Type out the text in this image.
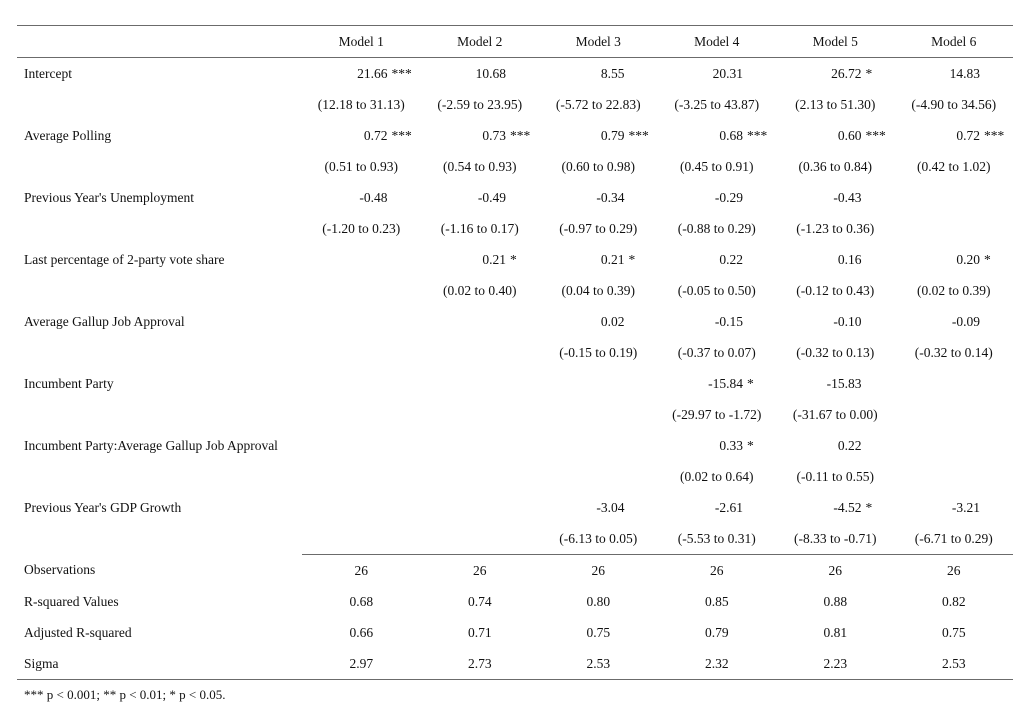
	Model 1	Model 2	Model 3	Model 4	Model 5	Model 6
Intercept	21.66 ***	10.68	8.55	20.31	26.72 *	14.83
	(12.18 to 31.13)	(-2.59 to 23.95)	(-5.72 to 22.83)	(-3.25 to 43.87)	(2.13 to 51.30)	(-4.90 to 34.56)
Average Polling	0.72 ***	0.73 ***	0.79 ***	0.68 ***	0.60 ***	0.72 ***
	(0.51 to 0.93)	(0.54 to 0.93)	(0.60 to 0.98)	(0.45 to 0.91)	(0.36 to 0.84)	(0.42 to 1.02)
Previous Year's Unemployment	-0.48	-0.49	-0.34	-0.29	-0.43	
	(-1.20 to 0.23)	(-1.16 to 0.17)	(-0.97 to 0.29)	(-0.88 to 0.29)	(-1.23 to 0.36)	
Last percentage of 2-party vote share		0.21 *	0.21 *	0.22	0.16	0.20 *
		(0.02 to 0.40)	(0.04 to 0.39)	(-0.05 to 0.50)	(-0.12 to 0.43)	(0.02 to 0.39)
Average Gallup Job Approval			0.02	-0.15	-0.10	-0.09
			(-0.15 to 0.19)	(-0.37 to 0.07)	(-0.32 to 0.13)	(-0.32 to 0.14)
Incumbent Party				-15.84 *	-15.83	
				(-29.97 to -1.72)	(-31.67 to 0.00)	
Incumbent Party:Average Gallup Job Approval				0.33 *	0.22	
				(0.02 to 0.64)	(-0.11 to 0.55)	
Previous Year's GDP Growth			-3.04	-2.61	-4.52 *	-3.21
			(-6.13 to 0.05)	(-5.53 to 0.31)	(-8.33 to -0.71)	(-6.71 to 0.29)
Observations	26	26	26	26	26	26
R-squared Values	0.68	0.74	0.80	0.85	0.88	0.82
Adjusted R-squared	0.66	0.71	0.75	0.79	0.81	0.75
Sigma	2.97	2.73	2.53	2.32	2.23	2.53
*** p < 0.001; ** p < 0.01; * p < 0.05.
